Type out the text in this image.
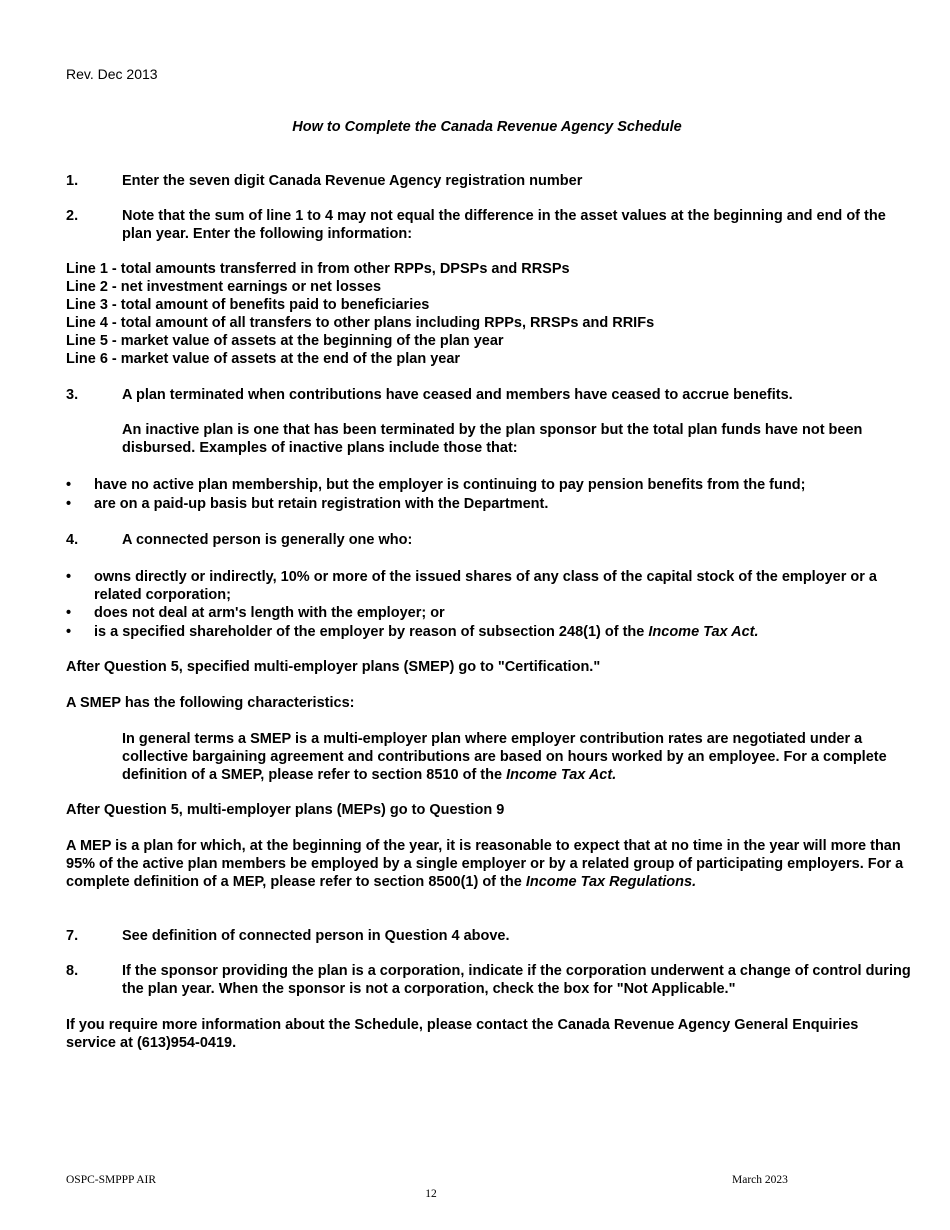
Rev. Dec 2013
How to Complete the Canada Revenue Agency Schedule
1.	Enter the seven digit Canada Revenue Agency registration number
2.	Note that the sum of line 1 to 4 may not equal the difference in the asset values at the beginning and end of the plan year. Enter the following information:
Line 1 - total amounts transferred in from other RPPs, DPSPs and RRSPs
Line 2 - net investment earnings or net losses
Line 3 - total amount of benefits paid to beneficiaries
Line 4 - total amount of all transfers to other plans including RPPs, RRSPs and RRIFs
Line 5 - market value of assets at the beginning of the plan year
Line 6 - market value of assets at the end of the plan year
3.	A plan terminated when contributions have ceased and members have ceased to accrue benefits.
An inactive plan is one that has been terminated by the plan sponsor but the total plan funds have not been disbursed. Examples of inactive plans include those that:
• have no active plan membership, but the employer is continuing to pay pension benefits from the fund;
• are on a paid-up basis but retain registration with the Department.
4.	A connected person is generally one who:
• owns directly or indirectly, 10% or more of the issued shares of any class of the capital stock of the employer or a related corporation;
• does not deal at arm's length with the employer; or
• is a specified shareholder of the employer by reason of subsection 248(1) of the Income Tax Act.
After Question 5, specified multi-employer plans (SMEP) go to "Certification."
A SMEP has the following characteristics:
In general terms a SMEP is a multi-employer plan where employer contribution rates are negotiated under a collective bargaining agreement and contributions are based on hours worked by an employee. For a complete definition of a SMEP, please refer to section 8510 of the Income Tax Act.
After Question 5, multi-employer plans (MEPs) go to Question 9
A MEP is a plan for which, at the beginning of the year, it is reasonable to expect that at no time in the year will more than 95% of the active plan members be employed by a single employer or by a related group of participating employers. For a complete definition of a MEP, please refer to section 8500(1) of the Income Tax Regulations.
7.	See definition of connected person in Question 4 above.
8.	If the sponsor providing the plan is a corporation, indicate if the corporation underwent a change of control during the plan year. When the sponsor is not a corporation, check the box for "Not Applicable."
If you require more information about the Schedule, please contact the Canada Revenue Agency General Enquiries service at (613)954-0419.
OSPC-SMPPP AIR	March 2023
12
